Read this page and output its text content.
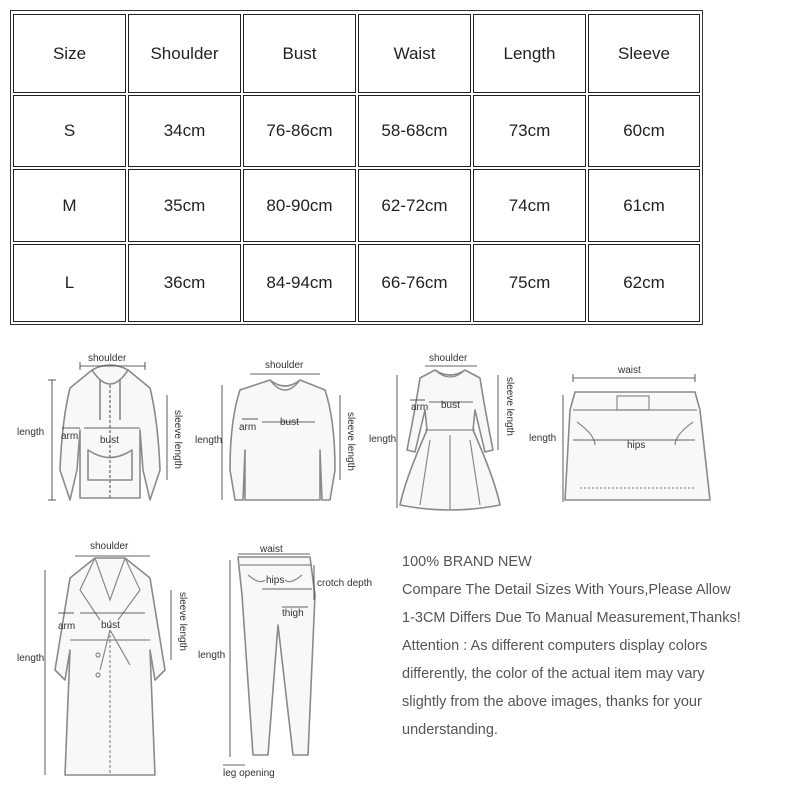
Size	Shoulder	Bust	Waist	Length	Sleeve
S	34cm	76-86cm	58-68cm	73cm	60cm
M	35cm	80-90cm	62-72cm	74cm	61cm
L	36cm	84-94cm	66-76cm	75cm	62cm
shoulder
length arm bust	sleeve length
shoulder
length
arm bust	sleeve length
shoulder
length
arm bust	sleeve length
waist
length
hips
shoulder
length
arm	bust	sleeve length
waist
hips	crotch depth
thigh
length
leg opening

100% BRAND NEW

Compare The Detail Sizes With Yours,Please Allow

1-3CM Differs Due To Manual Measurement,Thanks!

Attention : As different computers display colors

differently, the color of the actual item may vary

slightly from the above images, thanks for your

understanding.
